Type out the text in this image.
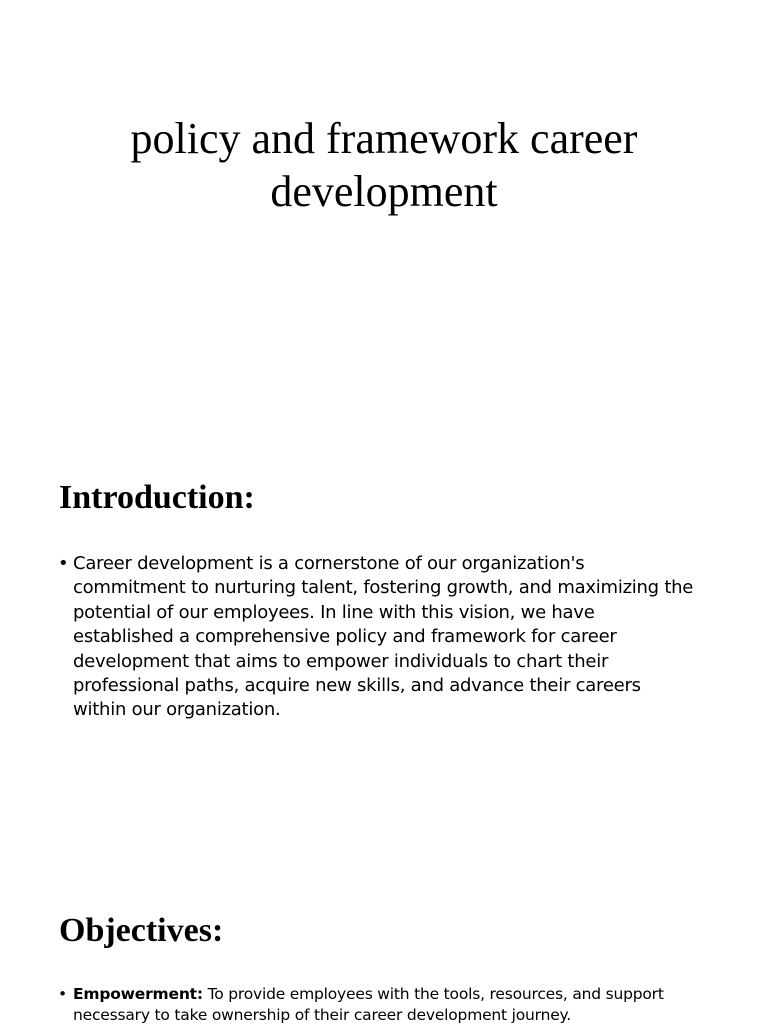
policy and framework career development
Introduction:
• Career development is a cornerstone of our organization's commitment to nurturing talent, fostering growth, and maximizing the potential of our employees. In line with this vision, we have established a comprehensive policy and framework for career development that aims to empower individuals to chart their professional paths, acquire new skills, and advance their careers within our organization.
Objectives:
• Empowerment: To provide employees with the tools, resources, and support necessary to take ownership of their career development journey.
